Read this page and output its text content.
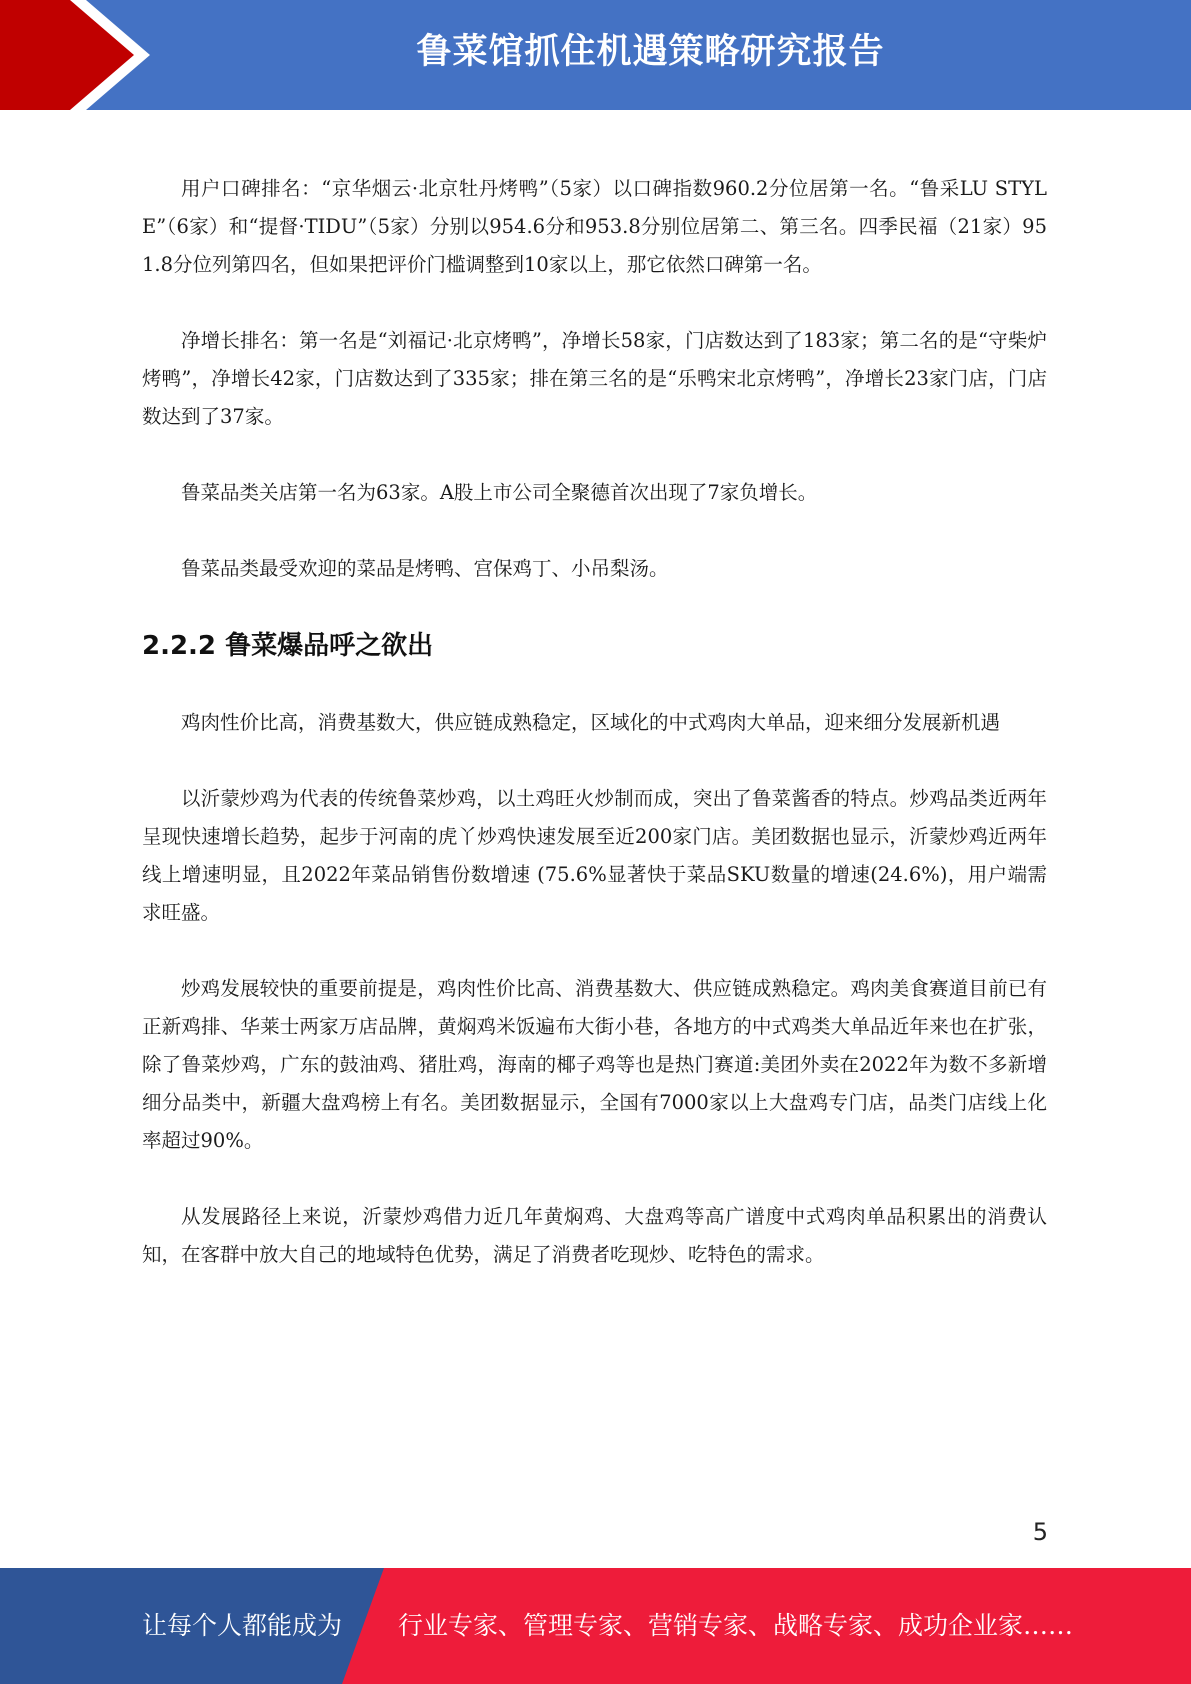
鲁菜馆抓住机遇策略研究报告

用户口碑排名：“京华烟云·北京牡丹烤鸭”（5家）以口碑指数960.2分位居第一名。“鲁采LU STYLE”（6家）和“提督·TIDU”（5家）分别以954.6分和953.8分别位居第二、第三名。四季民福（21家）951.8分位列第四名，但如果把评价门槛调整到10家以上，那它依然口碑第一名。

净增长排名：第一名是“刘福记·北京烤鸭”，净增长58家，门店数达到了183家；第二名的是“守柴炉烤鸭”，净增长42家，门店数达到了335家；排在第三名的是“乐鸭宋北京烤鸭”，净增长23家门店，门店数达到了37家。

鲁菜品类关店第一名为63家。A股上市公司全聚德首次出现了7家负增长。

鲁菜品类最受欢迎的菜品是烤鸭、宫保鸡丁、小吊梨汤。

2.2.2 鲁菜爆品呼之欲出

鸡肉性价比高，消费基数大，供应链成熟稳定，区域化的中式鸡肉大单品，迎来细分发展新机遇

以沂蒙炒鸡为代表的传统鲁菜炒鸡，以土鸡旺火炒制而成，突出了鲁菜酱香的特点。炒鸡品类近两年呈现快速增长趋势，起步于河南的虎丫炒鸡快速发展至近200家门店。美团数据也显示，沂蒙炒鸡近两年线上增速明显，且2022年菜品销售份数增速 (75.6%显著快于菜品SKU数量的增速(24.6%)，用户端需求旺盛。

炒鸡发展较快的重要前提是，鸡肉性价比高、消费基数大、供应链成熟稳定。鸡肉美食赛道目前已有正新鸡排、华莱士两家万店品牌，黄焖鸡米饭遍布大街小巷，各地方的中式鸡类大单品近年来也在扩张，除了鲁菜炒鸡，广东的鼓油鸡、猪肚鸡，海南的椰子鸡等也是热门赛道:美团外卖在2022年为数不多新增细分品类中，新疆大盘鸡榜上有名。美团数据显示，全国有7000家以上大盘鸡专门店，品类门店线上化率超过90%。

从发展路径上来说，沂蒙炒鸡借力近几年黄焖鸡、大盘鸡等高广谱度中式鸡肉单品积累出的消费认知，在客群中放大自己的地域特色优势，满足了消费者吃现炒、吃特色的需求。

5
让每个人都能成为 行业专家、管理专家、营销专家、战略专家、成功企业家……
